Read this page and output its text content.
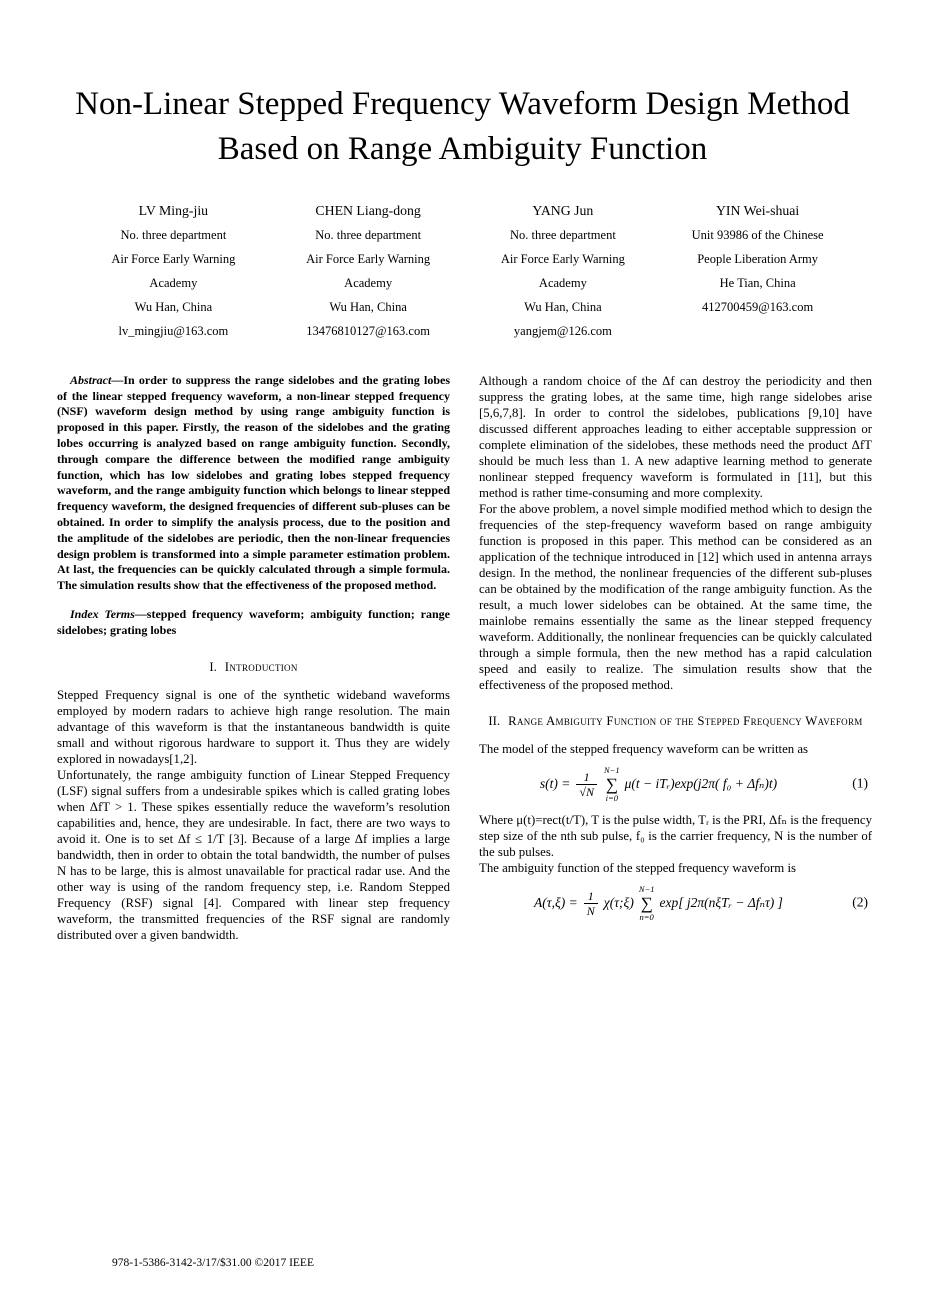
Non-Linear Stepped Frequency Waveform Design Method Based on Range Ambiguity Function
LV Ming-jiu
No. three department
Air Force Early Warning
Academy
Wu Han, China
lv_mingjiu@163.com
CHEN Liang-dong
No. three department
Air Force Early Warning
Academy
Wu Han, China
13476810127@163.com
YANG Jun
No. three department
Air Force Early Warning
Academy
Wu Han, China
yangjem@126.com
YIN Wei-shuai
Unit 93986 of the Chinese
People Liberation Army
He Tian, China
412700459@163.com

Abstract—In order to suppress the range sidelobes and the grating lobes of the linear stepped frequency waveform, a non-linear stepped frequency (NSF) waveform design method by using range ambiguity function is proposed in this paper. Firstly, the reason of the sidelobes and the grating lobes occurring is analyzed based on range ambiguity function. Secondly, through compare the difference between the modified range ambiguity function, which has low sidelobes and grating lobes stepped frequency waveform, and the range ambiguity function which belongs to linear stepped frequency waveform, the designed frequencies of different sub-pluses can be obtained. In order to simplify the analysis process, due to the position and the amplitude of the sidelobes are periodic, then the non-linear frequencies design problem is transformed into a simple parameter estimation problem. At last, the frequencies can be quickly calculated through a simple formula. The simulation results show that the effectiveness of the proposed method.

Index Terms—stepped frequency waveform; ambiguity function; range sidelobes; grating lobes

I. Introduction

Stepped Frequency signal is one of the synthetic wideband waveforms employed by modern radars to achieve high range resolution. The main advantage of this waveform is that the instantaneous bandwidth is quite small and without rigorous hardware to support it. Thus they are widely explored in nowadays[1,2].

Unfortunately, the range ambiguity function of Linear Stepped Frequency (LSF) signal suffers from a undesirable spikes which is called grating lobes when ΔfT > 1. These spikes essentially reduce the waveform’s resolution capabilities and, hence, they are undesirable. In fact, there are two ways to avoid it. One is to set Δf ≤ 1/T [3]. Because of a large Δf implies a large bandwidth, then in order to obtain the total bandwidth, the number of pulses N has to be large, this is almost unavailable for practical radar use. And the other way is using of the random frequency step, i.e. Random Stepped Frequency (RSF) signal [4]. Compared with linear step frequency waveform, the transmitted frequencies of the RSF signal are randomly distributed over a given bandwidth.

Although a random choice of the Δf can destroy the periodicity and then suppress the grating lobes, at the same time, high range sidelobes arise [5,6,7,8]. In order to control the sidelobes, publications [9,10] have discussed different approaches leading to either acceptable suppression or complete elimination of the sidelobes, these methods need the product ΔfT should be much less than 1. A new adaptive learning method to generate nonlinear stepped frequency waveform is formulated in [11], but this method is rather time-consuming and more complexity.

For the above problem, a novel simple modified method which to design the frequencies of the step-frequency waveform based on range ambiguity function is proposed in this paper. This method can be considered as an application of the technique introduced in [12] which used in antenna arrays design. In the method, the nonlinear frequencies of the different sub-pluses can be obtained by the modification of the range ambiguity function. As the result, a much lower sidelobes can be obtained. At the same time, the mainlobe remains essentially the same as the linear stepped frequency waveform. Additionally, the nonlinear frequencies can be quickly calculated through a simple formula, then the new method has a rapid calculation speed and easily to realize. The simulation results show that the effectiveness of the proposed method.

II. Range Ambiguity Function of the Stepped Frequency Waveform

The model of the stepped frequency waveform can be written as

$s(t) = \frac{1}{√N} N-1$
∑
i=0
μ(t − iTᵣ)exp(j2π( f₀ + Δfₙ)t)	(1)

Where μ(t)=rect(t/T), T is the pulse width, Tᵣ is the PRI, Δfₙ is the frequency step size of the nth sub pulse, f₀ is the carrier frequency, N is the number of the sub pulses.

The ambiguity function of the stepped frequency waveform is

$A(\tau,\xi) = \frac{1}{N}$ χ(τ;ξ)
N−1
∑
n=0
exp[ j2π(nξTᵣ − Δfₙτ) ]	(2)
978-1-5386-3142-3/17/$31.00 ©2017 IEEE
